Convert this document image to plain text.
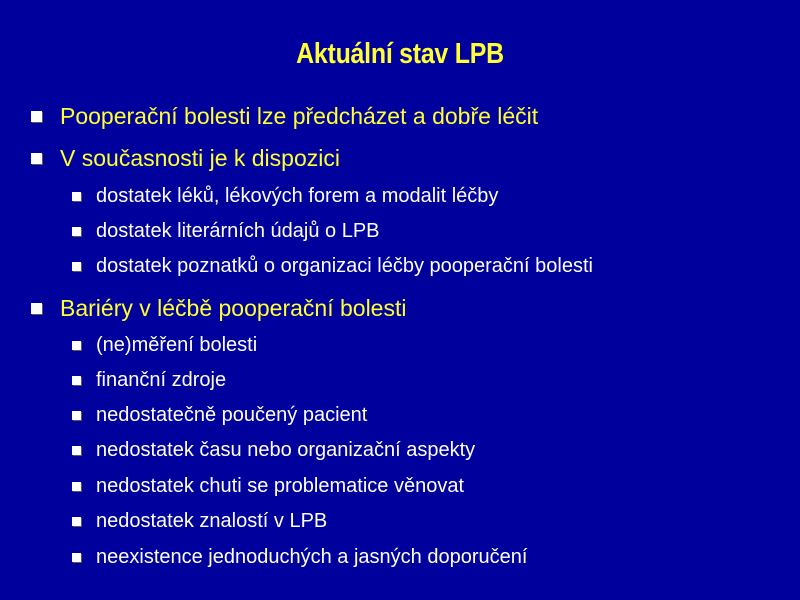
Aktuální stav LPB
Pooperační bolesti lze předcházet a dobře léčit
V současnosti je k dispozici
dostatek léků, lékových forem a modalit léčby
dostatek literárních údajů o LPB
dostatek poznatků o organizaci léčby pooperační bolesti
Bariéry v léčbě pooperační bolesti
(ne)měření bolesti
finanční zdroje
nedostatečně poučený pacient
nedostatek času nebo organizační aspekty
nedostatek chuti se problematice věnovat
nedostatek znalostí v LPB
neexistence jednoduchých a jasných doporučení
